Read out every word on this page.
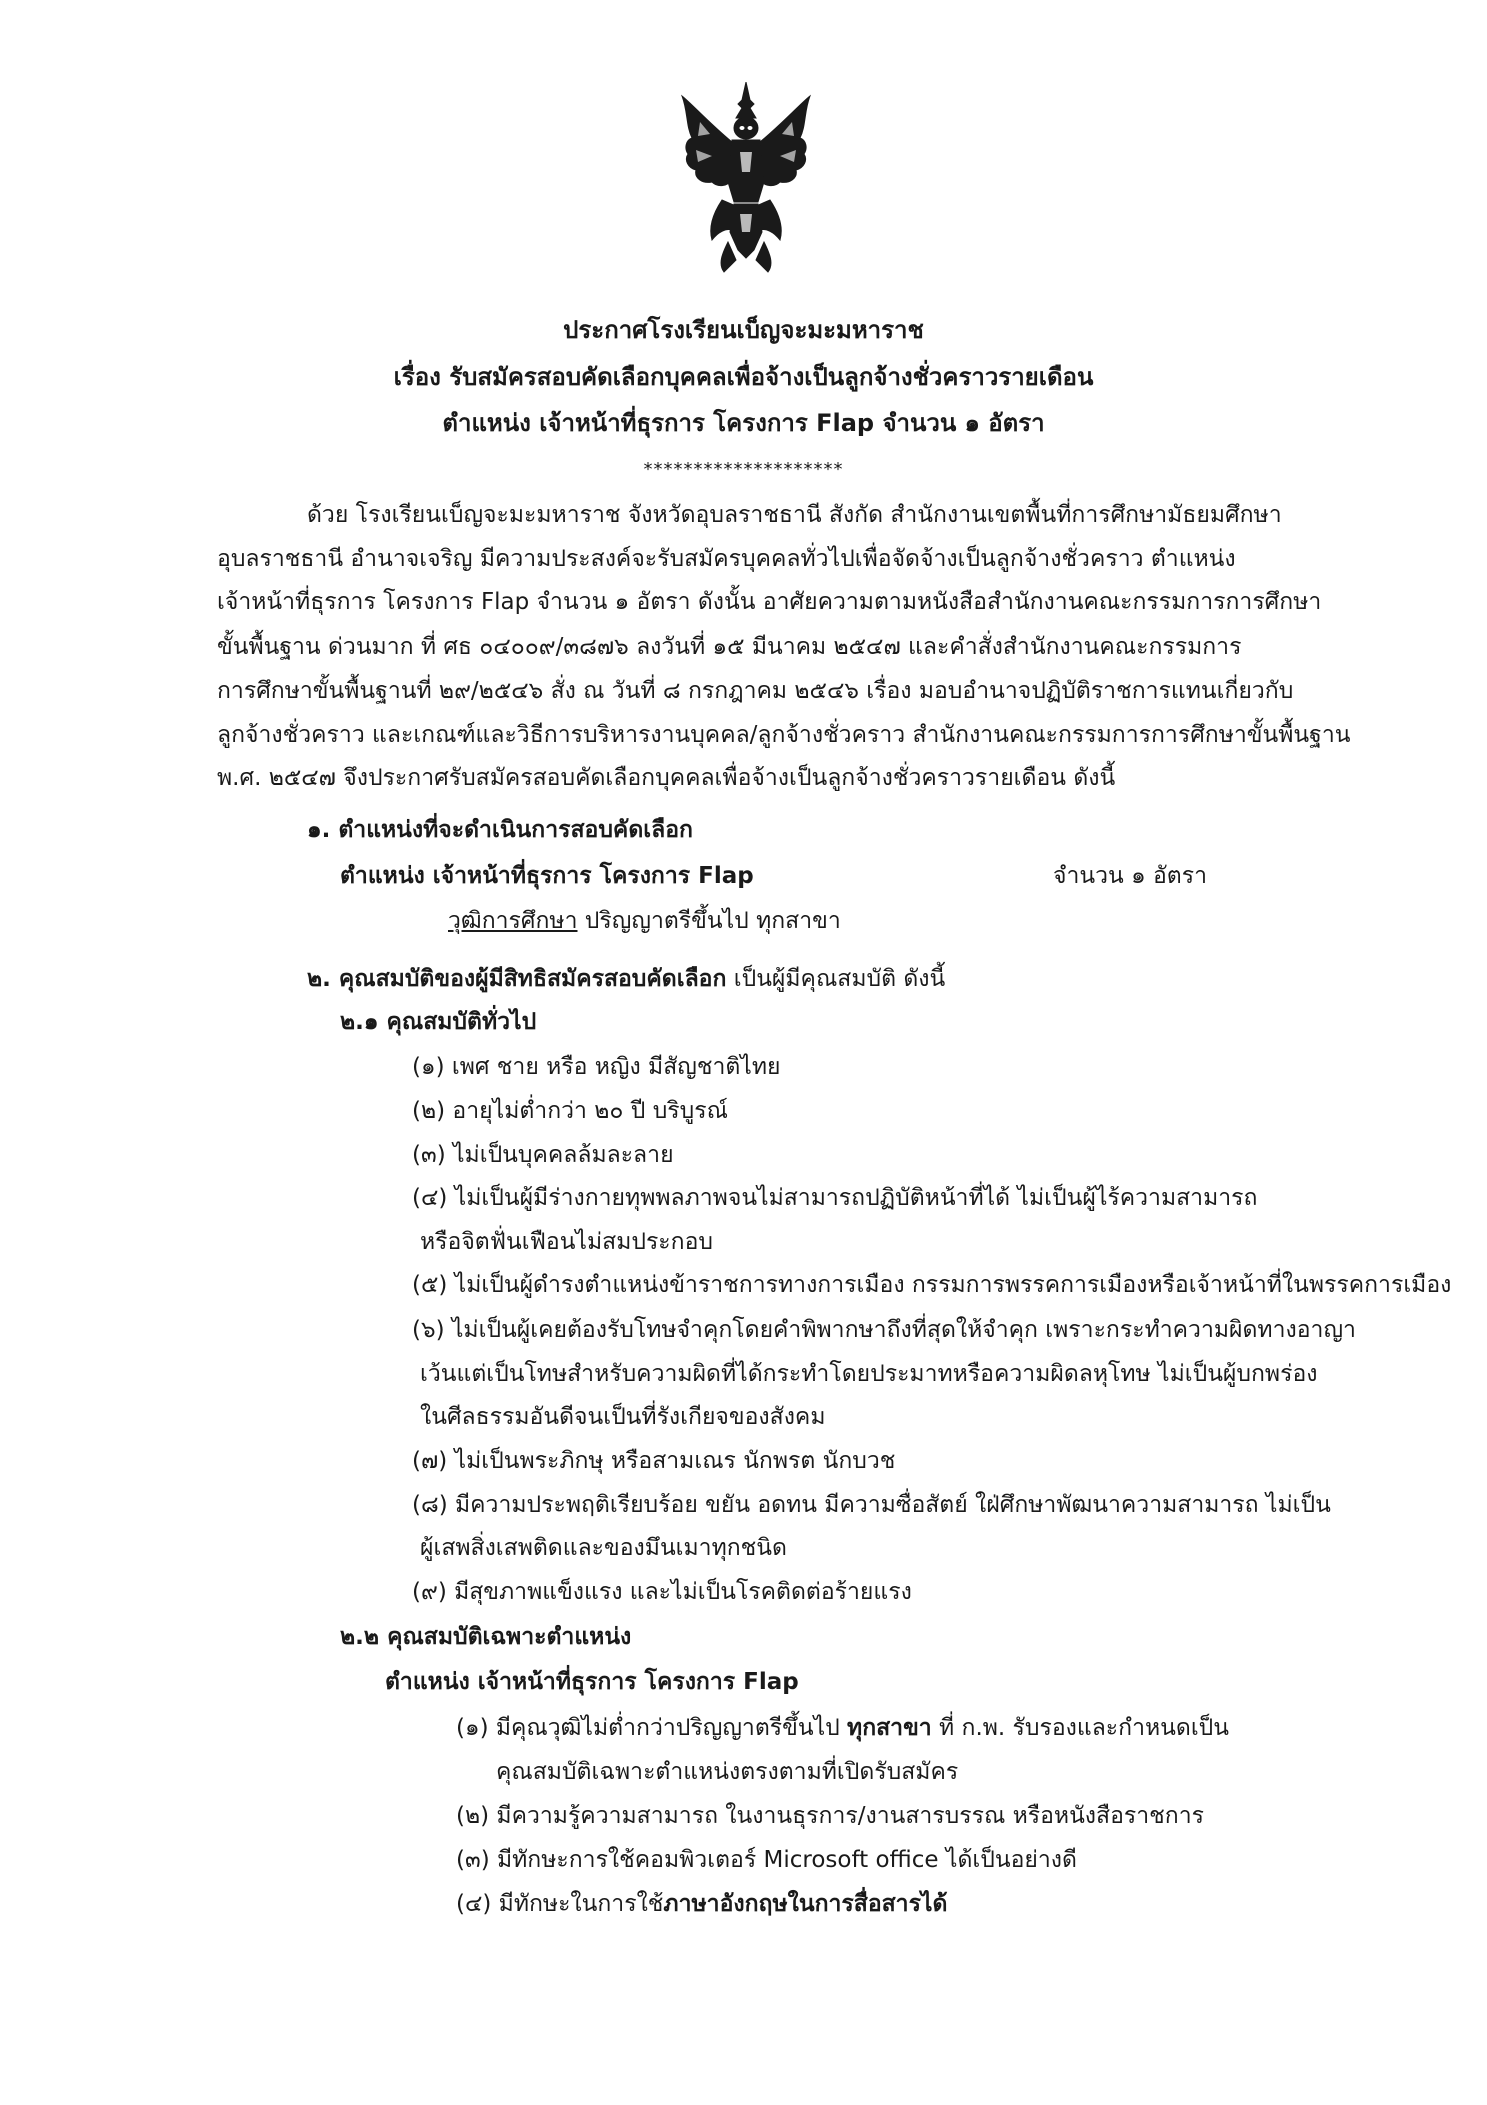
ประกาศโรงเรียนเบ็ญจะมะมหาราช
เรื่อง รับสมัครสอบคัดเลือกบุคคลเพื่อจ้างเป็นลูกจ้างชั่วคราวรายเดือน
ตำแหน่ง เจ้าหน้าที่ธุรการ โครงการ Flap จำนวน ๑ อัตรา
********************
ด้วย โรงเรียนเบ็ญจะมะมหาราช จังหวัดอุบลราชธานี สังกัด สำนักงานเขตพื้นที่การศึกษามัธยมศึกษา
อุบลราชธานี อำนาจเจริญ มีความประสงค์จะรับสมัครบุคคลทั่วไปเพื่อจัดจ้างเป็นลูกจ้างชั่วคราว ตำแหน่ง
เจ้าหน้าที่ธุรการ โครงการ Flap จำนวน ๑ อัตรา ดังนั้น อาศัยความตามหนังสือสำนักงานคณะกรรมการการศึกษา
ขั้นพื้นฐาน ด่วนมาก ที่ ศธ ๐๔๐๐๙/๓๘๗๖ ลงวันที่ ๑๕ มีนาคม ๒๕๔๗ และคำสั่งสำนักงานคณะกรรมการ
การศึกษาขั้นพื้นฐานที่ ๒๙/๒๕๔๖ สั่ง ณ วันที่ ๘ กรกฎาคม ๒๕๔๖ เรื่อง มอบอำนาจปฏิบัติราชการแทนเกี่ยวกับ
ลูกจ้างชั่วคราว และเกณฑ์และวิธีการบริหารงานบุคคล/ลูกจ้างชั่วคราว สำนักงานคณะกรรมการการศึกษาขั้นพื้นฐาน
พ.ศ. ๒๕๔๗ จึงประกาศรับสมัครสอบคัดเลือกบุคคลเพื่อจ้างเป็นลูกจ้างชั่วคราวรายเดือน ดังนี้
๑. ตำแหน่งที่จะดำเนินการสอบคัดเลือก
ตำแหน่ง เจ้าหน้าที่ธุรการ โครงการ Flap	จำนวน ๑ อัตรา
วุฒิการศึกษา ปริญญาตรีขึ้นไป ทุกสาขา
๒. คุณสมบัติของผู้มีสิทธิสมัครสอบคัดเลือก เป็นผู้มีคุณสมบัติ ดังนี้
๒.๑ คุณสมบัติทั่วไป
(๑) เพศ ชาย หรือ หญิง มีสัญชาติไทย
(๒) อายุไม่ต่ำกว่า ๒๐ ปี บริบูรณ์
(๓) ไม่เป็นบุคคลล้มละลาย
(๔) ไม่เป็นผู้มีร่างกายทุพพลภาพจนไม่สามารถปฏิบัติหน้าที่ได้ ไม่เป็นผู้ไร้ความสามารถ
หรือจิตฟั่นเฟือนไม่สมประกอบ
(๕) ไม่เป็นผู้ดำรงตำแหน่งข้าราชการทางการเมือง กรรมการพรรคการเมืองหรือเจ้าหน้าที่ในพรรคการเมือง
(๖) ไม่เป็นผู้เคยต้องรับโทษจำคุกโดยคำพิพากษาถึงที่สุดให้จำคุก เพราะกระทำความผิดทางอาญา
เว้นแต่เป็นโทษสำหรับความผิดที่ได้กระทำโดยประมาทหรือความผิดลหุโทษ ไม่เป็นผู้บกพร่อง
ในศีลธรรมอันดีจนเป็นที่รังเกียจของสังคม
(๗) ไม่เป็นพระภิกษุ หรือสามเณร นักพรต นักบวช
(๘) มีความประพฤติเรียบร้อย ขยัน อดทน มีความซื่อสัตย์ ใฝ่ศึกษาพัฒนาความสามารถ ไม่เป็น
ผู้เสพสิ่งเสพติดและของมึนเมาทุกชนิด
(๙) มีสุขภาพแข็งแรง และไม่เป็นโรคติดต่อร้ายแรง
๒.๒ คุณสมบัติเฉพาะตำแหน่ง
ตำแหน่ง เจ้าหน้าที่ธุรการ โครงการ Flap
(๑) มีคุณวุฒิไม่ต่ำกว่าปริญญาตรีขึ้นไป ทุกสาขา ที่ ก.พ. รับรองและกำหนดเป็น
คุณสมบัติเฉพาะตำแหน่งตรงตามที่เปิดรับสมัคร
(๒) มีความรู้ความสามารถ ในงานธุรการ/งานสารบรรณ หรือหนังสือราชการ
(๓) มีทักษะการใช้คอมพิวเตอร์ Microsoft office ได้เป็นอย่างดี
(๔) มีทักษะในการใช้ภาษาอังกฤษในการสื่อสารได้
